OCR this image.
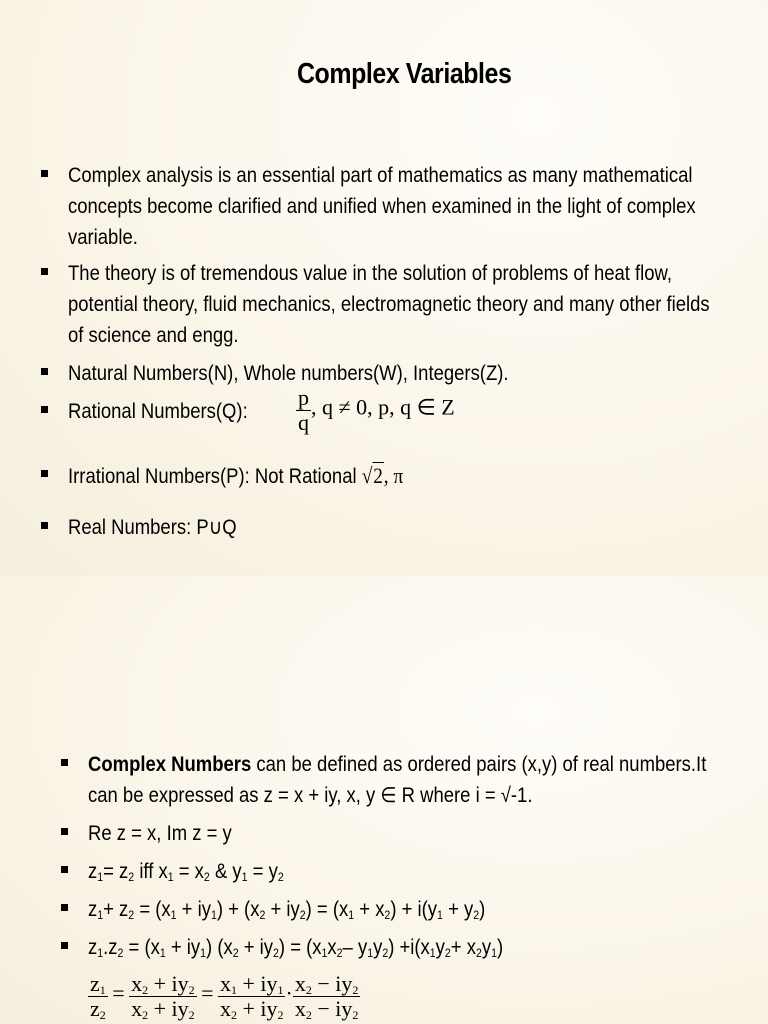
Complex Variables
Complex analysis is an essential part of mathematics as many mathematical concepts become clarified and unified when examined in the light of complex variable.
The theory is of tremendous value in the solution of problems of heat flow, potential theory, fluid mechanics, electromagnetic theory and many other fields of science and engg.
Natural Numbers(N), Whole numbers(W), Integers(Z).
Rational Numbers(Q):	$\frac{p}{q}$ , q ≠ 0, p, q ∈ Z
Irrational Numbers(P): Not Rational √2, π
Real Numbers: P∪Q
Complex Numbers can be defined as ordered pairs (x,y) of real numbers.It can be expressed as z = x + iy, x, y ∈ R where i = √-1.
Re z = x, Im z = y
$z_1= z_2$ iff $x_1 = x_2$ & $y_1 = y_2$
$z_1+ z_2 = (x_1 + iy_1) + (x_2 + iy_2) = (x_1 + x_2) + i(y_1 + y_2)$
$z_1.z_2 = (x_1 + iy_1) (x_2 + iy_2) = (x_1x_2-$ $y_1y_2) +i(x_1y_2+ x_2y_1)$
$\frac{z_1}{z_2} = \frac{x_2 + iy_2}{x_2 + iy_2} = \frac{x_1 + iy_1}{x_2 + iy_2} \cdot \frac{x_2 - iy_2}{x_2 - iy_2}$
